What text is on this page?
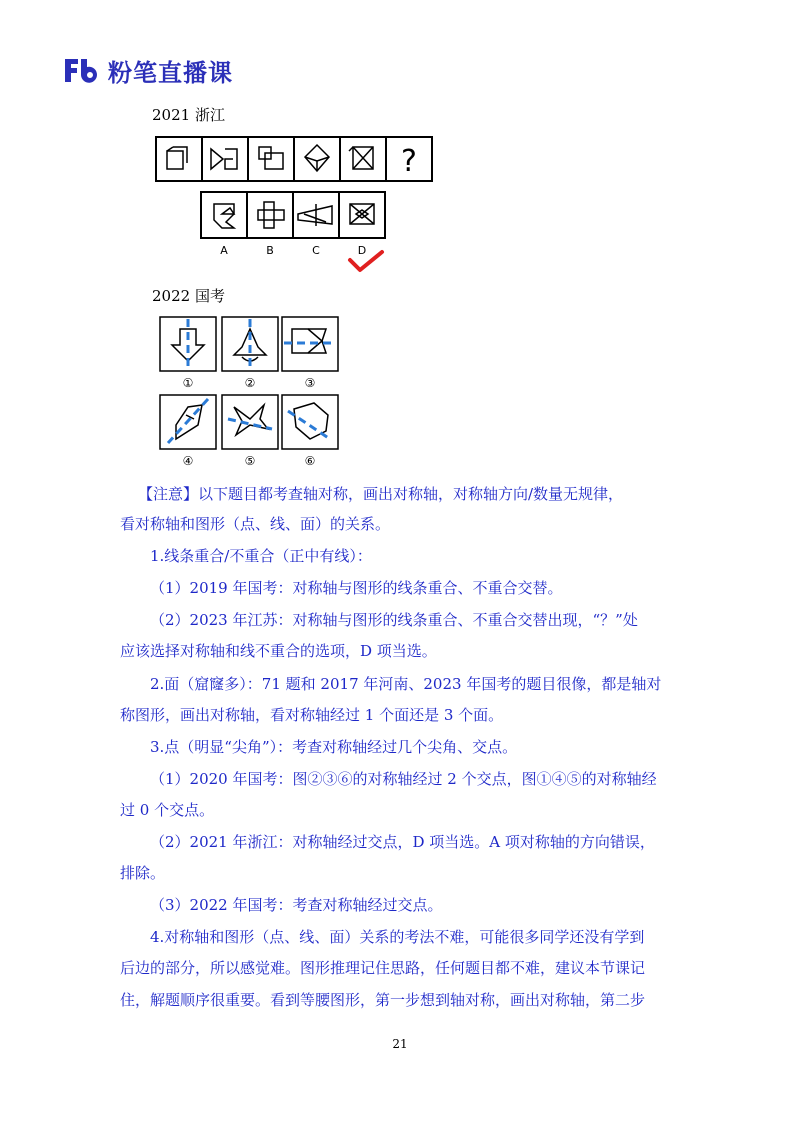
粉笔直播课
2021 浙江
?
A	B	C	D
2022 国考
①	②	③
④	⑤	⑥
【注意】以下题目都考查轴对称，画出对称轴，对称轴方向/数量无规律，
看对称轴和图形（点、线、面）的关系。
1.线条重合/不重合（正中有线）：
（1）2019 年国考：对称轴与图形的线条重合、不重合交替。
（2）2023 年江苏：对称轴与图形的线条重合、不重合交替出现，“？”处
应该选择对称轴和线不重合的选项，D 项当选。
2.面（窟窿多）：71 题和 2017 年河南、2023 年国考的题目很像，都是轴对
称图形，画出对称轴，看对称轴经过 1 个面还是 3 个面。
3.点（明显“尖角”）：考查对称轴经过几个尖角、交点。
（1）2020 年国考：图②③⑥的对称轴经过 2 个交点，图①④⑤的对称轴经
过 0 个交点。
（2）2021 年浙江：对称轴经过交点，D 项当选。A 项对称轴的方向错误，
排除。
（3）2022 年国考：考查对称轴经过交点。
4.对称轴和图形（点、线、面）关系的考法不难，可能很多同学还没有学到
后边的部分，所以感觉难。图形推理记住思路，任何题目都不难，建议本节课记
住，解题顺序很重要。看到等腰图形，第一步想到轴对称，画出对称轴，第二步
21
